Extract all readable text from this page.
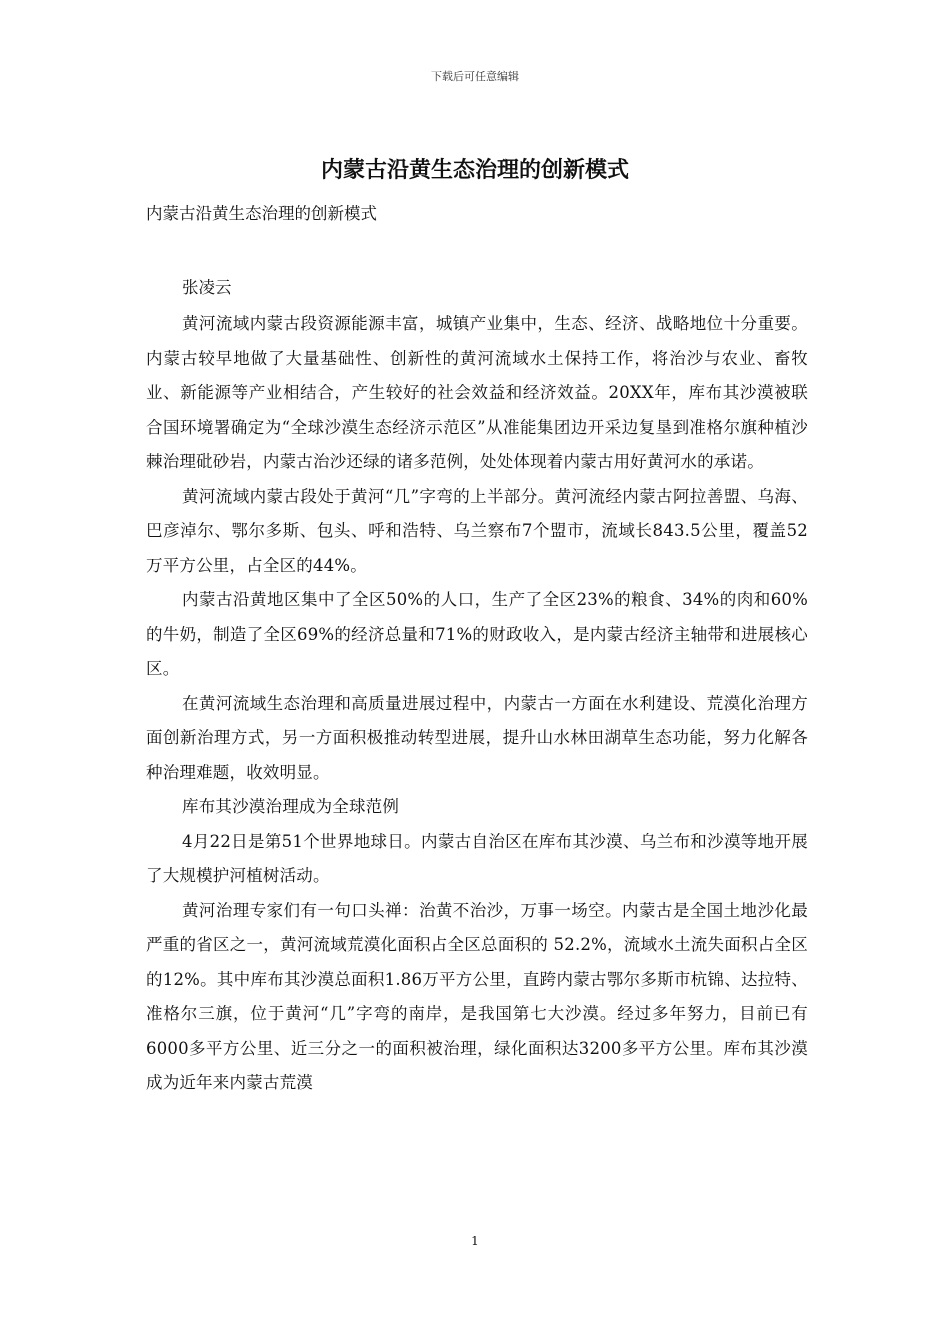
下载后可任意编辑
内蒙古沿黄生态治理的创新模式
内蒙古沿黄生态治理的创新模式
张凌云

黄河流域内蒙古段资源能源丰富，城镇产业集中，生态、经济、战略地位十分重要。内蒙古较早地做了大量基础性、创新性的黄河流域水土保持工作，将治沙与农业、畜牧业、新能源等产业相结合，产生较好的社会效益和经济效益。20XX年，库布其沙漠被联合国环境署确定为“全球沙漠生态经济示范区”从准能集团边开采边复垦到准格尔旗种植沙棘治理砒砂岩，内蒙古治沙还绿的诸多范例，处处体现着内蒙古用好黄河水的承诺。

黄河流域内蒙古段处于黄河“几”字弯的上半部分。黄河流经内蒙古阿拉善盟、乌海、巴彦淖尔、鄂尔多斯、包头、呼和浩特、乌兰察布7个盟市，流域长843.5公里，覆盖52万平方公里，占全区的44%。

内蒙古沿黄地区集中了全区50%的人口，生产了全区23%的粮食、34%的肉和60%的牛奶，制造了全区69%的经济总量和71%的财政收入，是内蒙古经济主轴带和进展核心区。

在黄河流域生态治理和高质量进展过程中，内蒙古一方面在水利建设、荒漠化治理方面创新治理方式，另一方面积极推动转型进展，提升山水林田湖草生态功能，努力化解各种治理难题，收效明显。

库布其沙漠治理成为全球范例

4月22日是第51个世界地球日。内蒙古自治区在库布其沙漠、乌兰布和沙漠等地开展了大规模护河植树活动。

黄河治理专家们有一句口头禅：治黄不治沙，万事一场空。内蒙古是全国土地沙化最严重的省区之一，黄河流域荒漠化面积占全区总面积的 52.2%，流域水土流失面积占全区的12%。其中库布其沙漠总面积1.86万平方公里，直跨内蒙古鄂尔多斯市杭锦、达拉特、准格尔三旗，位于黄河“几”字弯的南岸，是我国第七大沙漠。经过多年努力，目前已有6000多平方公里、近三分之一的面积被治理，绿化面积达3200多平方公里。库布其沙漠成为近年来内蒙古荒漠

1
